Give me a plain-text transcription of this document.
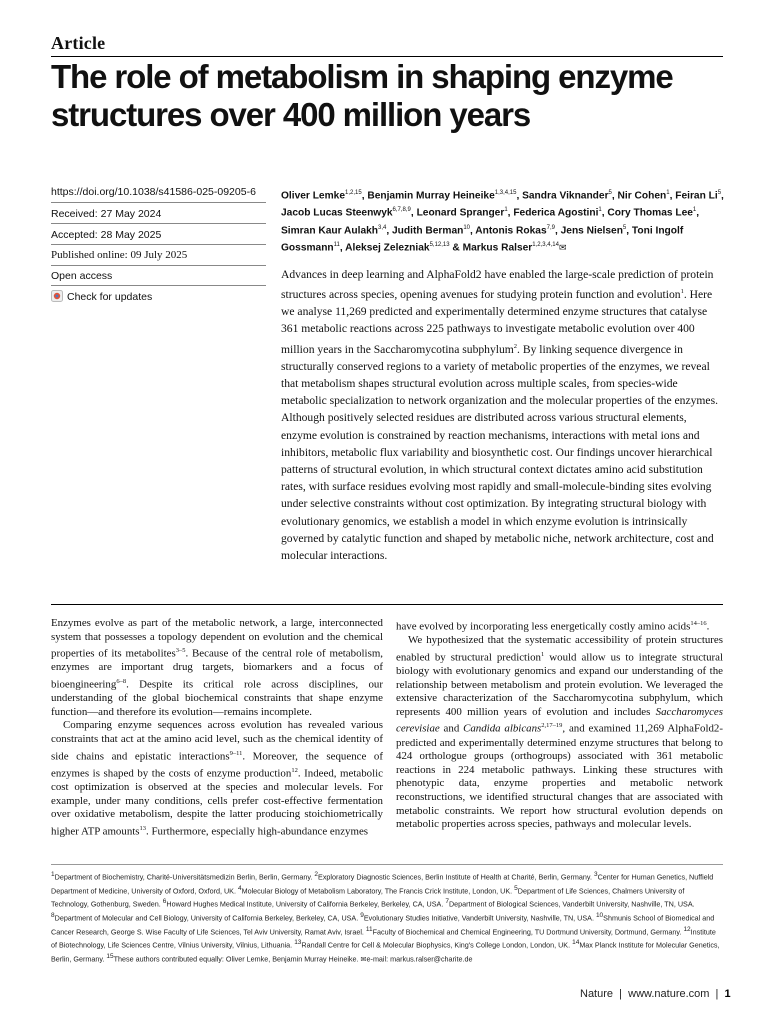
Article
The role of metabolism in shaping enzyme structures over 400 million years
https://doi.org/10.1038/s41586-025-09205-6
Received: 27 May 2024
Accepted: 28 May 2025
Published online: 09 July 2025
Open access
Check for updates
Oliver Lemke$^{1,2,15}$, Benjamin Murray Heineike$^{1,3,4,15}$, Sandra Viknander$^5$, Nir Cohen$^1$, Feiran Li$^5$, Jacob Lucas Steenwyk$^{6,7,8,9}$, Leonard Spranger$^1$, Federica Agostini$^1$, Cory Thomas Lee$^1$, Simran Kaur Aulakh$^{3,4}$, Judith Berman$^{10}$, Antonis Rokas$^{7,9}$, Jens Nielsen$^5$, Toni Ingolf Gossmann$^{11}$, Aleksej Zelezniak$^{5,12,13}$ & Markus Ralser$^{1,2,3,4,14}$✉
Advances in deep learning and AlphaFold2 have enabled the large-scale prediction of protein structures across species, opening avenues for studying protein function and evolution$^1$. Here we analyse 11,269 predicted and experimentally determined enzyme structures that catalyse 361 metabolic reactions across 225 pathways to investigate metabolic evolution over 400 million years in the Saccharomycotina subphylum$^2$. By linking sequence divergence in structurally conserved regions to a variety of metabolic properties of the enzymes, we reveal that metabolism shapes structural evolution across multiple scales, from species-wide metabolic specialization to network organization and the molecular properties of the enzymes. Although positively selected residues are distributed across various structural elements, enzyme evolution is constrained by reaction mechanisms, interactions with metal ions and inhibitors, metabolic flux variability and biosynthetic cost. Our findings uncover hierarchical patterns of structural evolution, in which structural context dictates amino acid substitution rates, with surface residues evolving most rapidly and small-molecule-binding sites evolving under selective constraints without cost optimization. By integrating structural biology with evolutionary genomics, we establish a model in which enzyme evolution is intrinsically governed by catalytic function and shaped by metabolic niche, network architecture, cost and molecular interactions.

Enzymes evolve as part of the metabolic network, a large, interconnected system that possesses a topology dependent on evolution and the chemical properties of its metabolites$^{3-5}$. Because of the central role of metabolism, enzymes are important drug targets, biomarkers and a focus of bioengineering$^{6-8}$. Despite its critical role across disciplines, our understanding of the global biochemical constraints that shape enzyme function—and therefore its evolution—remains incomplete.

Comparing enzyme sequences across evolution has revealed various constraints that act at the amino acid level, such as the chemical identity of side chains and epistatic interactions$^{9-11}$. Moreover, the sequence of enzymes is shaped by the costs of enzyme production$^{12}$. Indeed, metabolic cost optimization is observed at the species and molecular levels. For example, under many conditions, cells prefer cost-effective fermentation over oxidative metabolism, despite the latter producing stoichiometrically higher ATP amounts$^{13}$. Furthermore, especially high-abundance enzymes

have evolved by incorporating less energetically costly amino acids$^{14-16}$.

We hypothesized that the systematic accessibility of protein structures enabled by structural prediction$^1$ would allow us to integrate structural biology with evolutionary genomics and expand our understanding of the relationship between metabolism and protein evolution. We leveraged the extensive characterization of the Saccharomycotina subphylum, which represents 400 million years of evolution and includes Saccharomyces cerevisiae and Candida albicans$^{2,17-19}$, and examined 11,269 AlphaFold2-predicted and experimentally determined enzyme structures that belong to 424 orthologue groups (orthogroups) associated with 361 metabolic reactions in 224 metabolic pathways. Linking these structures with phenotypic data, enzyme properties and metabolic network reconstructions, we identified structural changes that are associated with metabolic constraints. We report how structural evolution depends on metabolic properties across species, pathways and molecular levels.

$^1$Department of Biochemistry, Charité-Universitätsmedizin Berlin, Berlin, Germany. $^2$Exploratory Diagnostic Sciences, Berlin Institute of Health at Charité, Berlin, Germany. $^3$Center for Human Genetics, Nuffield Department of Medicine, University of Oxford, Oxford, UK. $^4$Molecular Biology of Metabolism Laboratory, The Francis Crick Institute, London, UK. $^5$Department of Life Sciences, Chalmers University of Technology, Gothenburg, Sweden. $^6$Howard Hughes Medical Institute, University of California Berkeley, Berkeley, CA, USA. $^7$Department of Biological Sciences, Vanderbilt University, Nashville, TN, USA. $^8$Department of Molecular and Cell Biology, University of California Berkeley, Berkeley, CA, USA. $^9$Evolutionary Studies Initiative, Vanderbilt University, Nashville, TN, USA. $^{10}$Shmunis School of Biomedical and Cancer Research, George S. Wise Faculty of Life Sciences, Tel Aviv University, Ramat Aviv, Israel. $^{11}$Faculty of Biochemical and Chemical Engineering, TU Dortmund University, Dortmund, Germany. $^{12}$Institute of Biotechnology, Life Sciences Centre, Vilnius University, Vilnius, Lithuania. $^{13}$Randall Centre for Cell & Molecular Biophysics, King's College London, London, UK. $^{14}$Max Planck Institute for Molecular Genetics, Berlin, Germany. $^{15}$These authors contributed equally: Oliver Lemke, Benjamin Murray Heineike. ✉e-mail: markus.ralser@charite.de
Nature  |  www.nature.com  |  1
